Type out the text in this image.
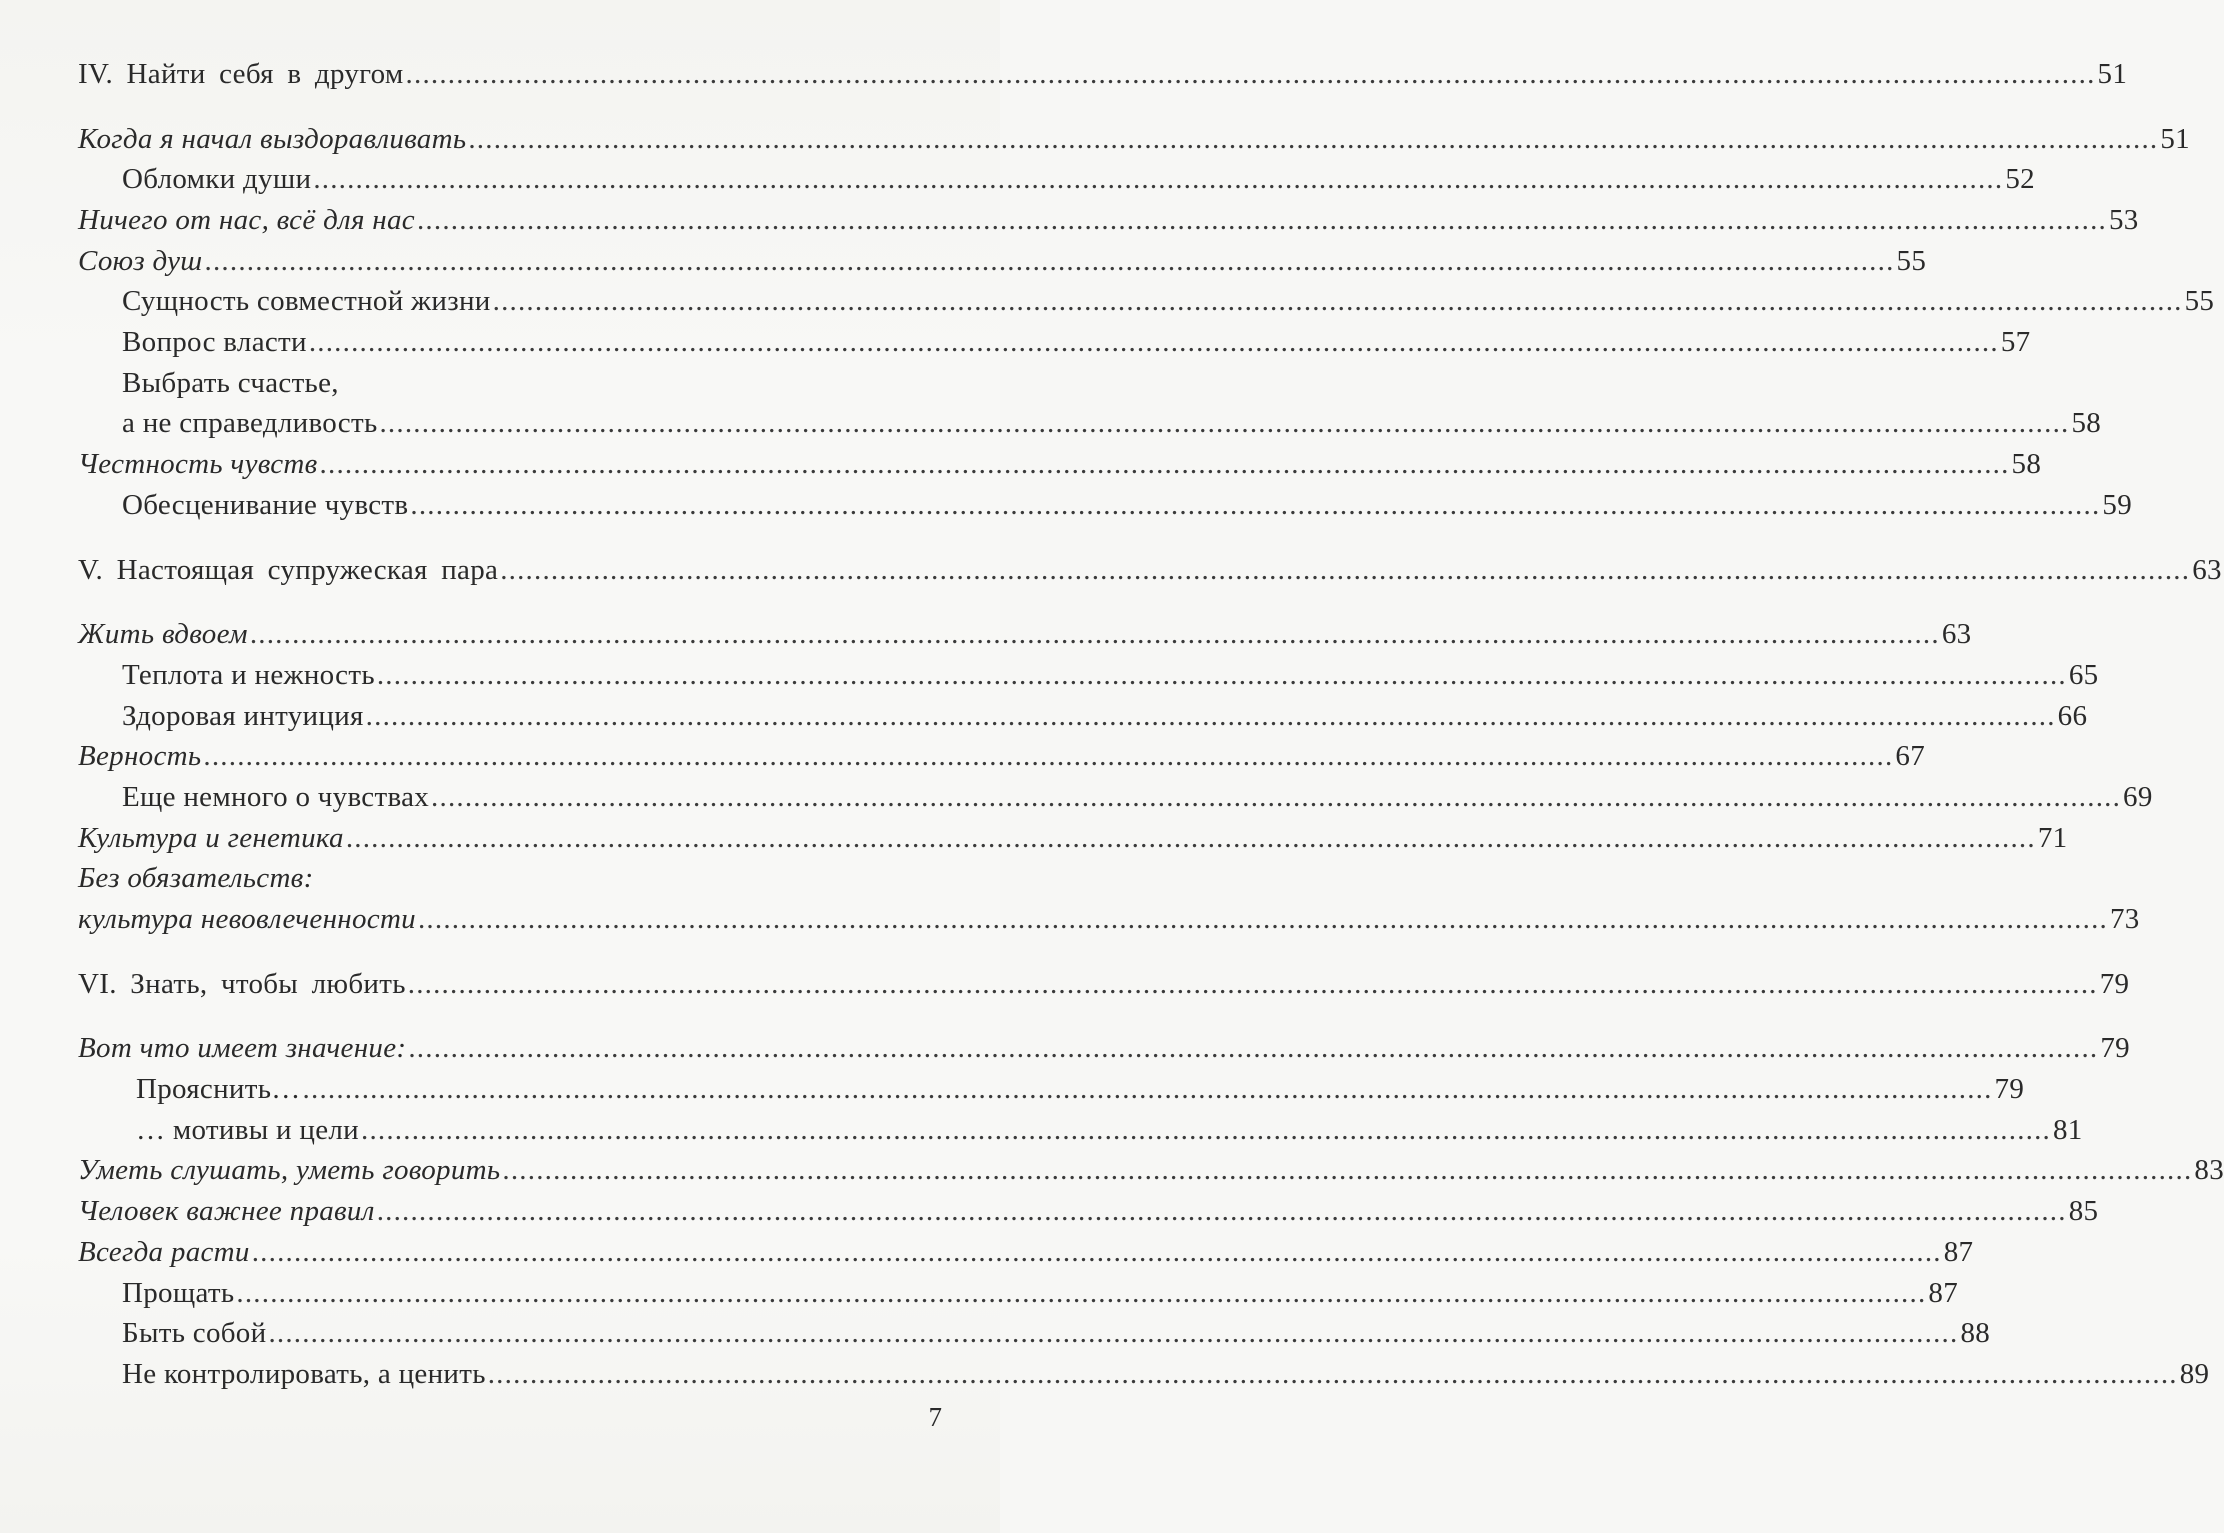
IV. Найти себя в другом ........................................................................................................................................................................................................ 51
Когда я начал выздоравливать ........................................................................................................................................................................................................ 51
Обломки души ........................................................................................................................................................................................................ 52
Ничего от нас, всё для нас ........................................................................................................................................................................................................ 53
Союз душ ........................................................................................................................................................................................................ 55
Сущность совместной жизни ........................................................................................................................................................................................................ 55
Вопрос власти ........................................................................................................................................................................................................ 57
Выбрать счастье,
а не справедливость ........................................................................................................................................................................................................ 58
Честность чувств ........................................................................................................................................................................................................ 58
Обесценивание чувств ........................................................................................................................................................................................................ 59
V. Настоящая супружеская пара ........................................................................................................................................................................................................ 63
Жить вдвоем ........................................................................................................................................................................................................ 63
Теплота и нежность ........................................................................................................................................................................................................ 65
Здоровая интуиция ........................................................................................................................................................................................................ 66
Верность ........................................................................................................................................................................................................ 67
Еще немного о чувствах ........................................................................................................................................................................................................ 69
Культура и генетика ........................................................................................................................................................................................................ 71
Без обязательств:
культура невовлеченности ........................................................................................................................................................................................................ 73
VI. Знать, чтобы любить ........................................................................................................................................................................................................ 79
Вот что имеет значение: ........................................................................................................................................................................................................ 79
Прояснить… ........................................................................................................................................................................................................ 79
… мотивы и цели ........................................................................................................................................................................................................ 81
Уметь слушать, уметь говорить ........................................................................................................................................................................................................ 83
Человек важнее правил ........................................................................................................................................................................................................ 85
Всегда расти ........................................................................................................................................................................................................ 87
Прощать ........................................................................................................................................................................................................ 87
Быть собой ........................................................................................................................................................................................................ 88
Не контролировать, а ценить ........................................................................................................................................................................................................ 89
7
